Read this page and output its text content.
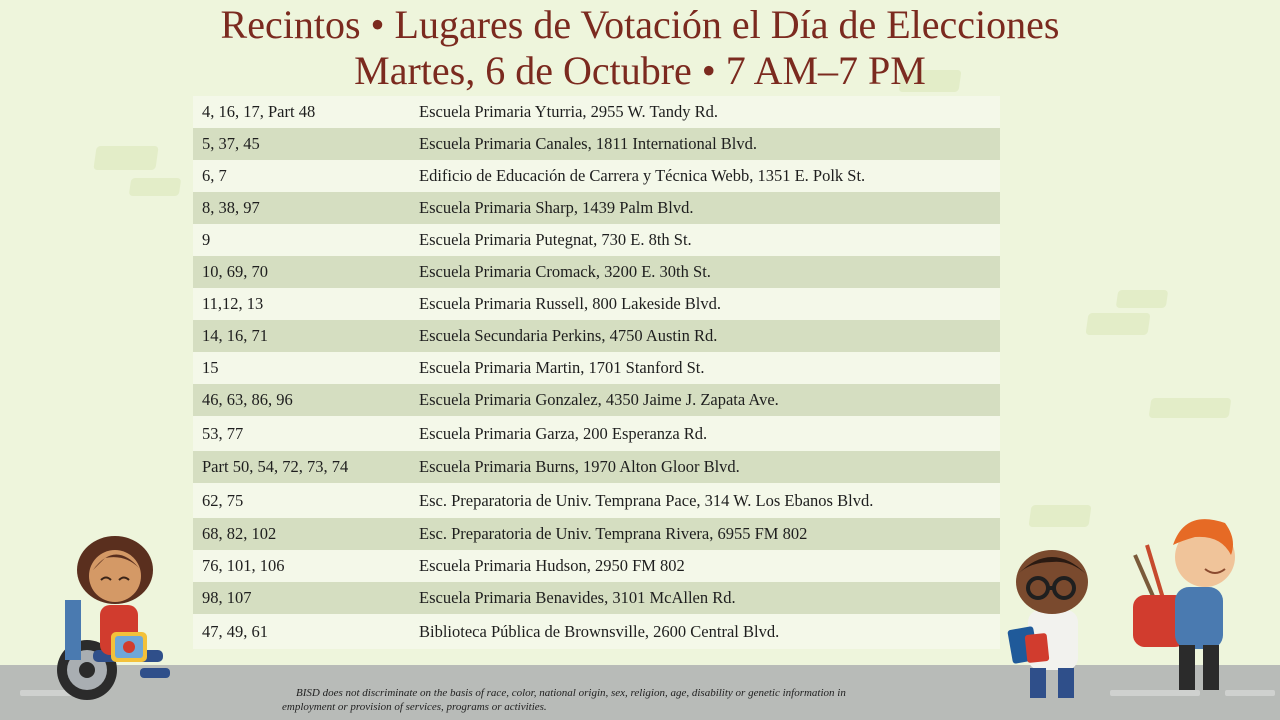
Recintos • Lugares de Votación el Día de Elecciones
Martes, 6 de Octubre • 7 AM–7 PM
4, 16, 17, Part 48	Escuela Primaria Yturria, 2955 W. Tandy Rd.
5, 37, 45	Escuela Primaria Canales, 1811 International Blvd.
6, 7	Edificio de Educación de Carrera y Técnica Webb, 1351 E. Polk St.
8, 38, 97	Escuela Primaria Sharp, 1439 Palm Blvd.
9	Escuela Primaria Putegnat, 730 E. 8th St.
10, 69, 70	Escuela Primaria Cromack, 3200 E. 30th St.
11,12, 13	Escuela Primaria Russell, 800 Lakeside Blvd.
14, 16, 71	Escuela Secundaria Perkins, 4750 Austin Rd.
15	Escuela Primaria Martin, 1701 Stanford St.
46, 63, 86, 96	Escuela Primaria Gonzalez, 4350 Jaime J. Zapata Ave.
53, 77	Escuela Primaria Garza, 200 Esperanza Rd.
Part 50, 54, 72, 73, 74	Escuela Primaria Burns, 1970 Alton Gloor Blvd.
62, 75	Esc. Preparatoria de Univ. Temprana Pace, 314 W. Los Ebanos Blvd.
68, 82, 102	Esc. Preparatoria de Univ. Temprana Rivera, 6955 FM 802
76, 101, 106	Escuela Primaria Hudson, 2950 FM 802
98, 107	Escuela Primaria Benavides, 3101 McAllen Rd.
47, 49, 61	Biblioteca Pública de Brownsville, 2600 Central Blvd.
BISD does not discriminate on the basis of race, color, national origin, sex, religion, age, disability or genetic information in
employment or provision of services, programs or activities.
